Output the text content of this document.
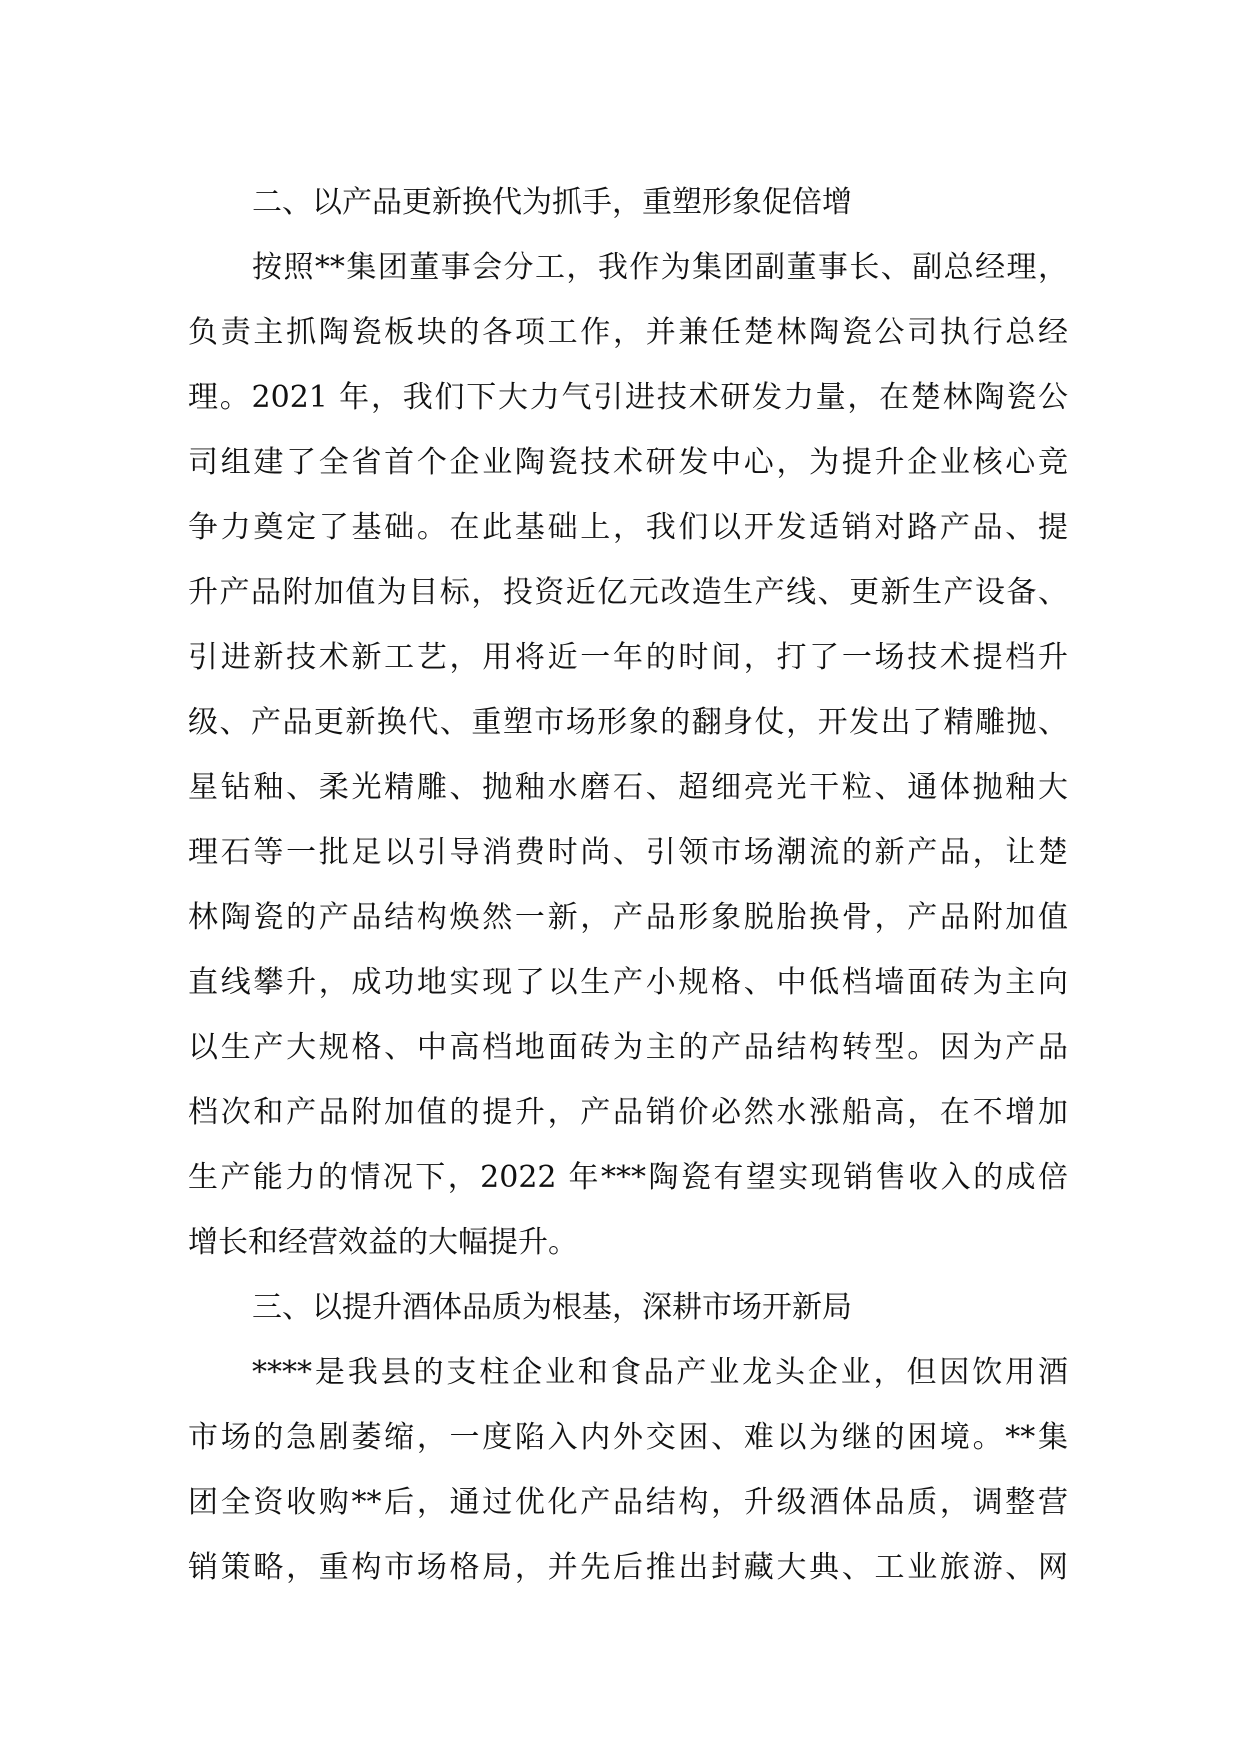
二、以产品更新换代为抓手，重塑形象促倍增
按照**集团董事会分工，我作为集团副董事长、副总经理，
负责主抓陶瓷板块的各项工作，并兼任楚林陶瓷公司执行总经
理。2021 年，我们下大力气引进技术研发力量，在楚林陶瓷公
司组建了全省首个企业陶瓷技术研发中心，为提升企业核心竞
争力奠定了基础。在此基础上，我们以开发适销对路产品、提
升产品附加值为目标，投资近亿元改造生产线、更新生产设备、
引进新技术新工艺，用将近一年的时间，打了一场技术提档升
级、产品更新换代、重塑市场形象的翻身仗，开发出了精雕抛、
星钻釉、柔光精雕、抛釉水磨石、超细亮光干粒、通体抛釉大
理石等一批足以引导消费时尚、引领市场潮流的新产品，让楚
林陶瓷的产品结构焕然一新，产品形象脱胎换骨，产品附加值
直线攀升，成功地实现了以生产小规格、中低档墙面砖为主向
以生产大规格、中高档地面砖为主的产品结构转型。因为产品
档次和产品附加值的提升，产品销价必然水涨船高，在不增加
生产能力的情况下，2022 年***陶瓷有望实现销售收入的成倍
增长和经营效益的大幅提升。
三、以提升酒体品质为根基，深耕市场开新局
****是我县的支柱企业和食品产业龙头企业，但因饮用酒
市场的急剧萎缩，一度陷入内外交困、难以为继的困境。**集
团全资收购**后，通过优化产品结构，升级酒体品质，调整营
销策略，重构市场格局，并先后推出封藏大典、工业旅游、网
